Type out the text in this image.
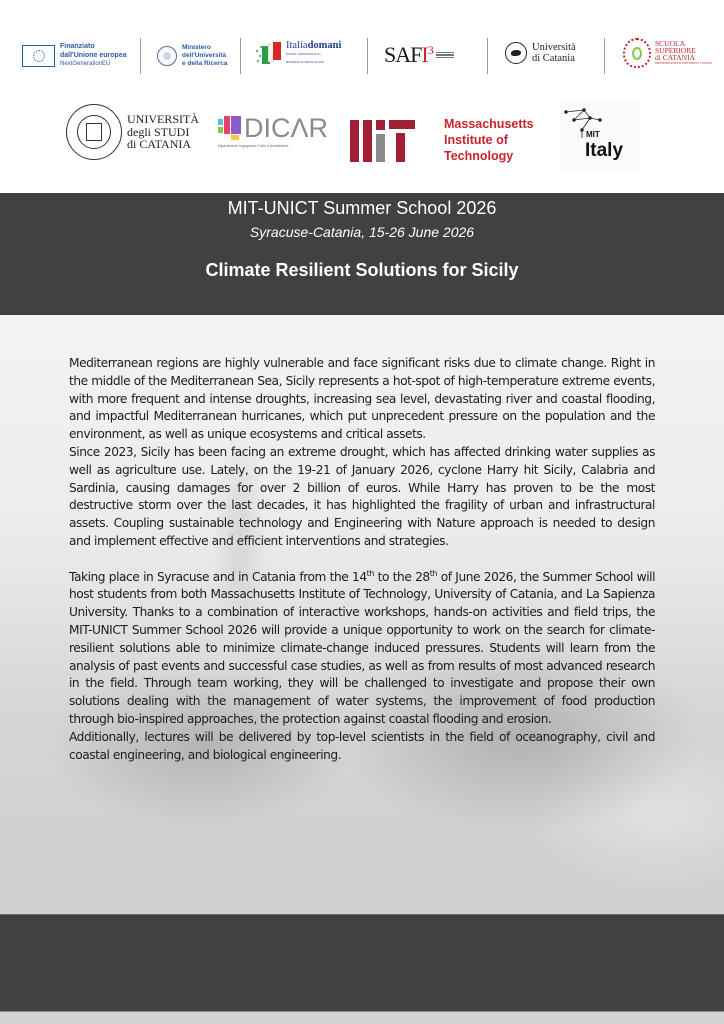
Finanziato
dall'Unione europea
NextGenerationEU
Ministero
dell'Università
e della Ricerca
Italiadomani
PIANO NAZIONALE DI RIPRESA E RESILIENZA	SAFI$^3$	Università
di Catania
SCUOLA
SUPERIORE
di CATANIA
MEDITERRANEAN UNIVERSITY CENTER
UNIVERSITÀ
degli STUDI
di CATANIA
DICΛR
Dipartimento Ingegneria Civile e Architettura
Massachusetts
Institute of
Technology
MIT
Italy
MIT-UNICT Summer School 2026
Syracuse-Catania, 15-26 June 2026
Climate Resilient Solutions for Sicily

Mediterranean regions are highly vulnerable and face significant risks due to climate change. Right in the middle of the Mediterranean Sea, Sicily represents a hot-spot of high-temperature extreme events, with more frequent and intense droughts, increasing sea level, devastating river and coastal flooding, and impactful Mediterranean hurricanes, which put unprecedent pressure on the population and the environment, as well as unique ecosystems and critical assets.

Since 2023, Sicily has been facing an extreme drought, which has affected drinking water supplies as well as agriculture use. Lately, on the 19-21 of January 2026, cyclone Harry hit Sicily, Calabria and Sardinia, causing damages for over 2 billion of euros. While Harry has proven to be the most destructive storm over the last decades, it has highlighted the fragility of urban and infrastructural assets. Coupling sustainable technology and Engineering with Nature approach is needed to design and implement effective and efficient interventions and strategies.

Taking place in Syracuse and in Catania from the 14th to the 28th of June 2026, the Summer School will host students from both Massachusetts Institute of Technology, University of Catania, and La Sapienza University. Thanks to a combination of interactive workshops, hands-on activities and field trips, the MIT-UNICT Summer School 2026 will provide a unique opportunity to work on the search for climate-resilient solutions able to minimize climate-change induced pressures. Students will learn from the analysis of past events and successful case studies, as well as from results of most advanced research in the field. Through team working, they will be challenged to investigate and propose their own solutions dealing with the management of water systems, the improvement of food production through bio-inspired approaches, the protection against coastal flooding and erosion.

Additionally, lectures will be delivered by top-level scientists in the field of oceanography, civil and coastal engineering, and biological engineering.
